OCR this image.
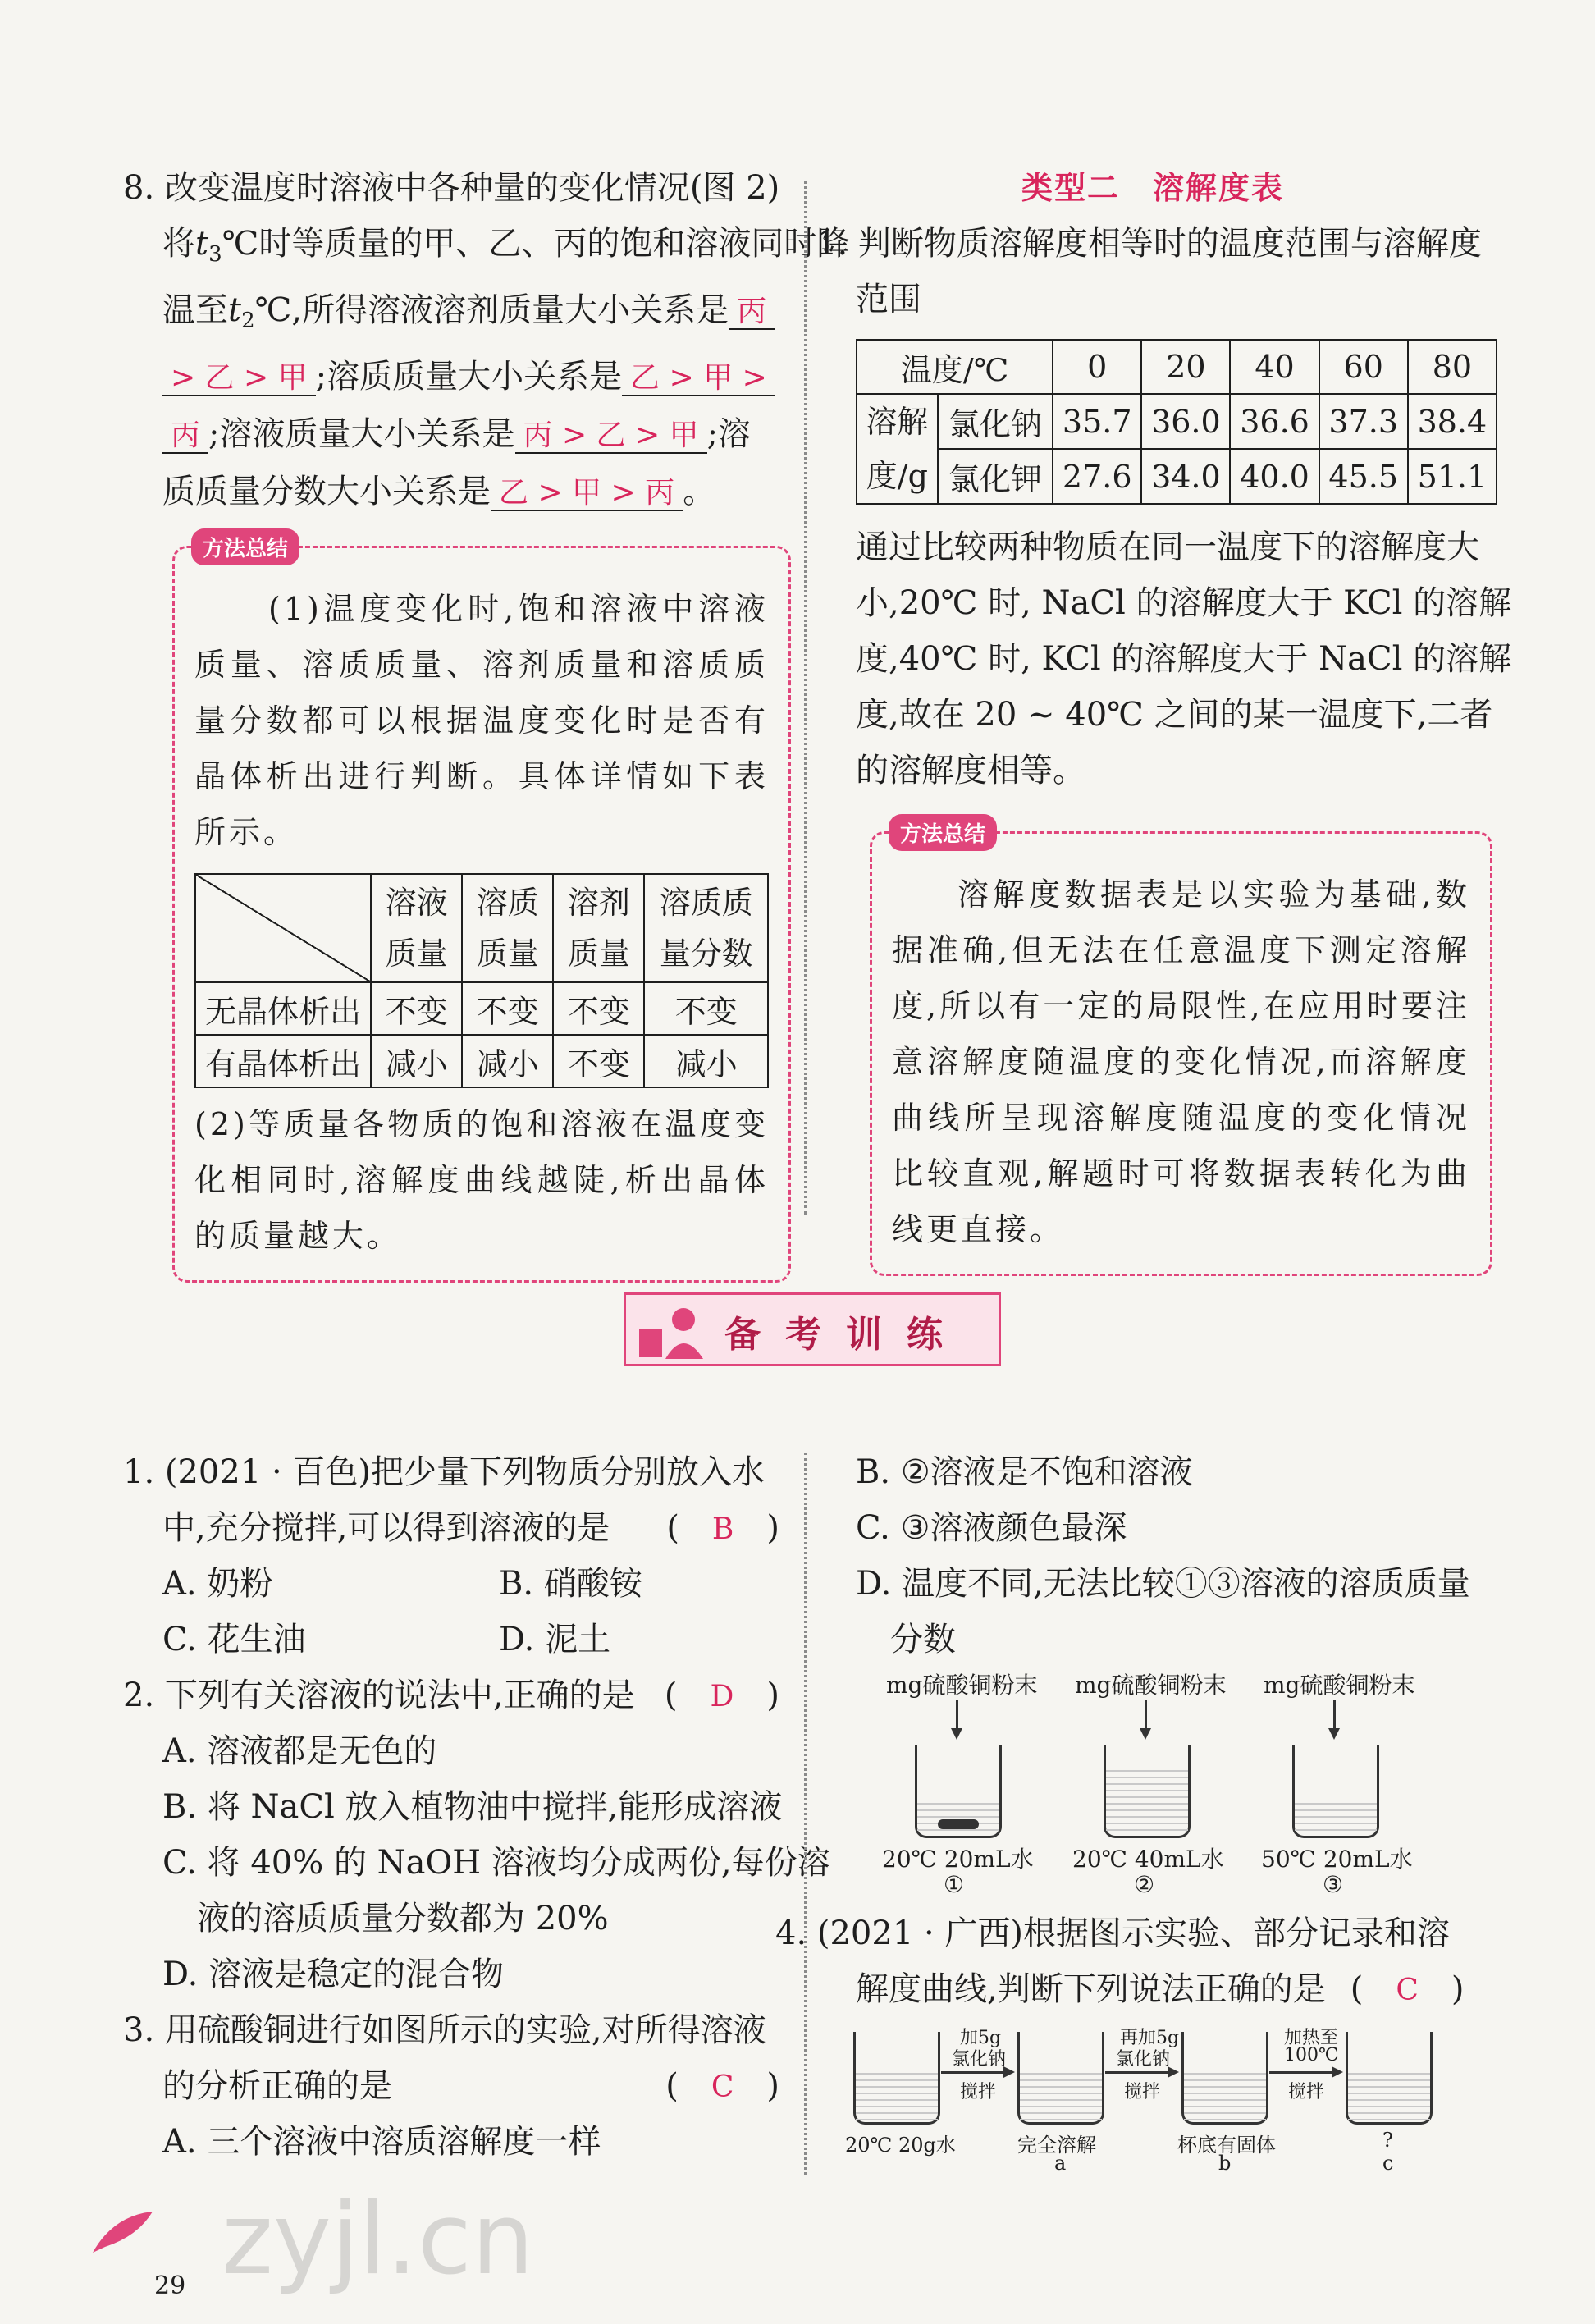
8. 改变温度时溶液中各种量的变化情况(图 2)
将$t_3℃$时等质量的甲、乙、丙的饱和溶液同时降
温至$t_2℃$,所得溶液溶剂质量大小关系是 丙
> 乙 > 甲 ;溶质质量大小关系是 乙 > 甲 >
丙 ;溶液质量大小关系是 丙 > 乙 > 甲 ;溶
质质量分数大小关系是 乙 > 甲 > 丙 。
方法总结

(1)温度变化时,饱和溶液中溶液质量、溶质质量、溶剂质量和溶质质量分数都可以根据温度变化时是否有晶体析出进行判断。具体详情如下表所示。

	溶液质量	溶质质量	溶剂质量	溶质质量分数
无晶体析出	不变	不变	不变	不变
有晶体析出	减小	减小	不变	减小

(2)等质量各物质的饱和溶液在温度变化相同时,溶解度曲线越陡,析出晶体的质量越大。

类型二　溶解度表
1. 判断物质溶解度相等时的温度范围与溶解度
范围
温度/℃		0	20	40	60	80
溶解
度/g	氯化钠	35.7	36.0	36.6	37.3	38.4
	氯化钾	27.6	34.0	40.0	45.5	51.1
通过比较两种物质在同一温度下的溶解度大
小,20℃ 时, NaCl 的溶解度大于 KCl 的溶解
度,40℃ 时, KCl 的溶解度大于 NaCl 的溶解
度,故在 20 ~ 40℃ 之间的某一温度下,二者
的溶解度相等。
方法总结

溶解度数据表是以实验为基础,数据准确,但无法在任意温度下测定溶解度,所以有一定的局限性,在应用时要注意溶解度随温度的变化情况,而溶解度曲线所呈现溶解度随温度的变化情况比较直观,解题时可将数据表转化为曲线更直接。

备考训练
1. (2021 · 百色)把少量下列物质分别放入水
中,充分搅拌,可以得到溶液的是 (　B　)
A. 奶粉	B. 硝酸铵
C. 花生油	D. 泥土
2. 下列有关溶液的说法中,正确的是 (　D　)
A. 溶液都是无色的
B. 将 NaCl 放入植物油中搅拌,能形成溶液
C. 将 40% 的 NaOH 溶液均分成两份,每份溶
液的溶质质量分数都为 20%
D. 溶液是稳定的混合物
3. 用硫酸铜进行如图所示的实验,对所得溶液
的分析正确的是	(　C　)
A. 三个溶液中溶质溶解度一样
B. ②溶液是不饱和溶液
C. ③溶液颜色最深
D. 温度不同,无法比较①③溶液的溶质质量
分数
mg硫酸铜粉末 mg硫酸铜粉末 mg硫酸铜粉末
20℃ 20mL水 20℃ 40mL水 50℃ 20mL水
①	②	③
4. (2021 · 广西)根据图示实验、部分记录和溶
解度曲线,判断下列说法正确的是 (　C　)
加5g
氯化钠
搅拌
再加5g
氯化钠
搅拌
加热至
100℃
搅拌
20℃ 20g水	完全溶解
a
杯底有固体
b
?
c
29 zyjl.cn
